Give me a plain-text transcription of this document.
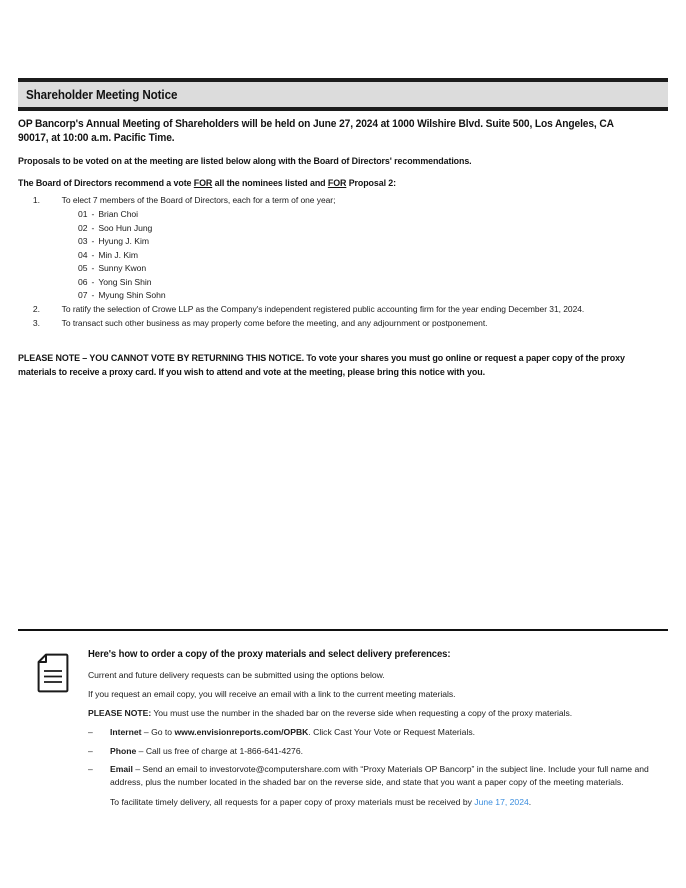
Shareholder Meeting Notice

OP Bancorp's Annual Meeting of Shareholders will be held on June 27, 2024 at 1000 Wilshire Blvd. Suite 500, Los Angeles, CA 90017, at 10:00 a.m. Pacific Time.

Proposals to be voted on at the meeting are listed below along with the Board of Directors' recommendations.

The Board of Directors recommend a vote FOR all the nominees listed and FOR Proposal 2:

1.	To elect 7 members of the Board of Directors, each for a term of one year;
01 - Brian Choi
02 - Soo Hun Jung
03 - Hyung J. Kim
04 - Min J. Kim
05 - Sunny Kwon
06 - Yong Sin Shin
07 - Myung Shin Sohn
2.	To ratify the selection of Crowe LLP as the Company's independent registered public accounting firm for the year ending December 31, 2024.
3.	To transact such other business as may properly come before the meeting, and any adjournment or postponement.
PLEASE NOTE – YOU CANNOT VOTE BY RETURNING THIS NOTICE. To vote your shares you must go online or request a paper copy of the proxy materials to receive a proxy card. If you wish to attend and vote at the meeting, please bring this notice with you.
Here's how to order a copy of the proxy materials and select delivery preferences:
Current and future delivery requests can be submitted using the options below.
If you request an email copy, you will receive an email with a link to the current meeting materials.
PLEASE NOTE: You must use the number in the shaded bar on the reverse side when requesting a copy of the proxy materials.
–	Internet – Go to www.envisionreports.com/OPBK. Click Cast Your Vote or Request Materials.
–	Phone – Call us free of charge at 1-866-641-4276.
–	Email – Send an email to investorvote@computershare.com with “Proxy Materials OP Bancorp” in the subject line. Include your full name and address, plus the number located in the shaded bar on the reverse side, and state that you want a paper copy of the meeting materials.
To facilitate timely delivery, all requests for a paper copy of proxy materials must be received by June 17, 2024.
